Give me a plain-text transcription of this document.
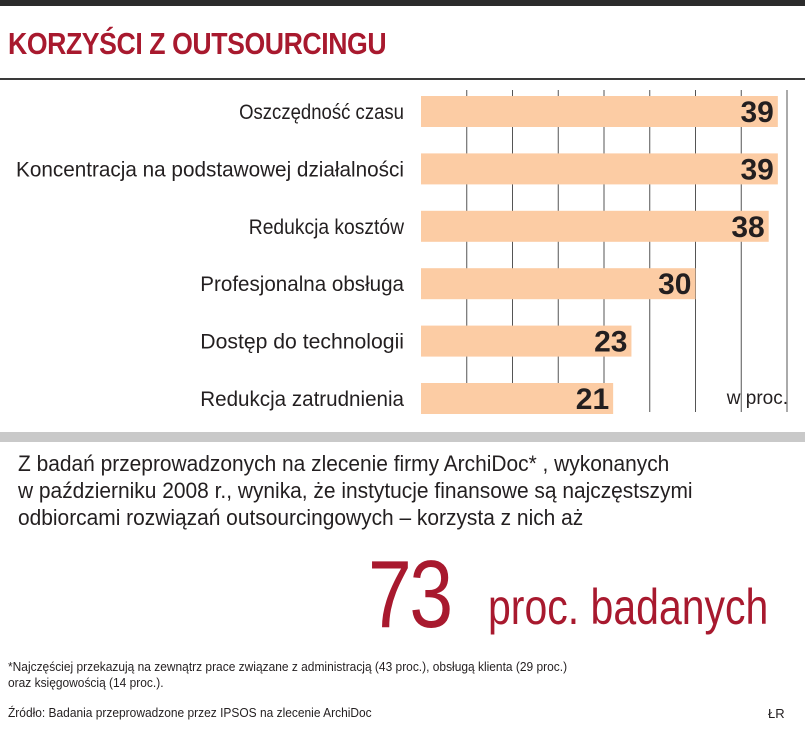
KORZYŚCI Z OUTSOURCINGU
Oszczędność czasu	39
Koncentracja na podstawowej działalności	39
Redukcja kosztów	38
Profesjonalna obsługa	30
Dostęp do technologii	23
Redukcja zatrudnienia	21	w proc.

Z badań przeprowadzonych na zlecenie firmy ArchiDoc* , wykonanych

w październiku 2008 r., wynika, że instytucje finansowe są najczęstszymi

odbiorcami rozwiązań outsourcingowych – korzysta z nich aż

73 proc. badanych

*Najczęściej przekazują na zewnątrz prace związane z administracją (43 proc.), obsługą klienta (29 proc.)

oraz księgowością (14 proc.).

Źródło: Badania przeprowadzone przez IPSOS na zlecenie ArchiDoc	ŁR
